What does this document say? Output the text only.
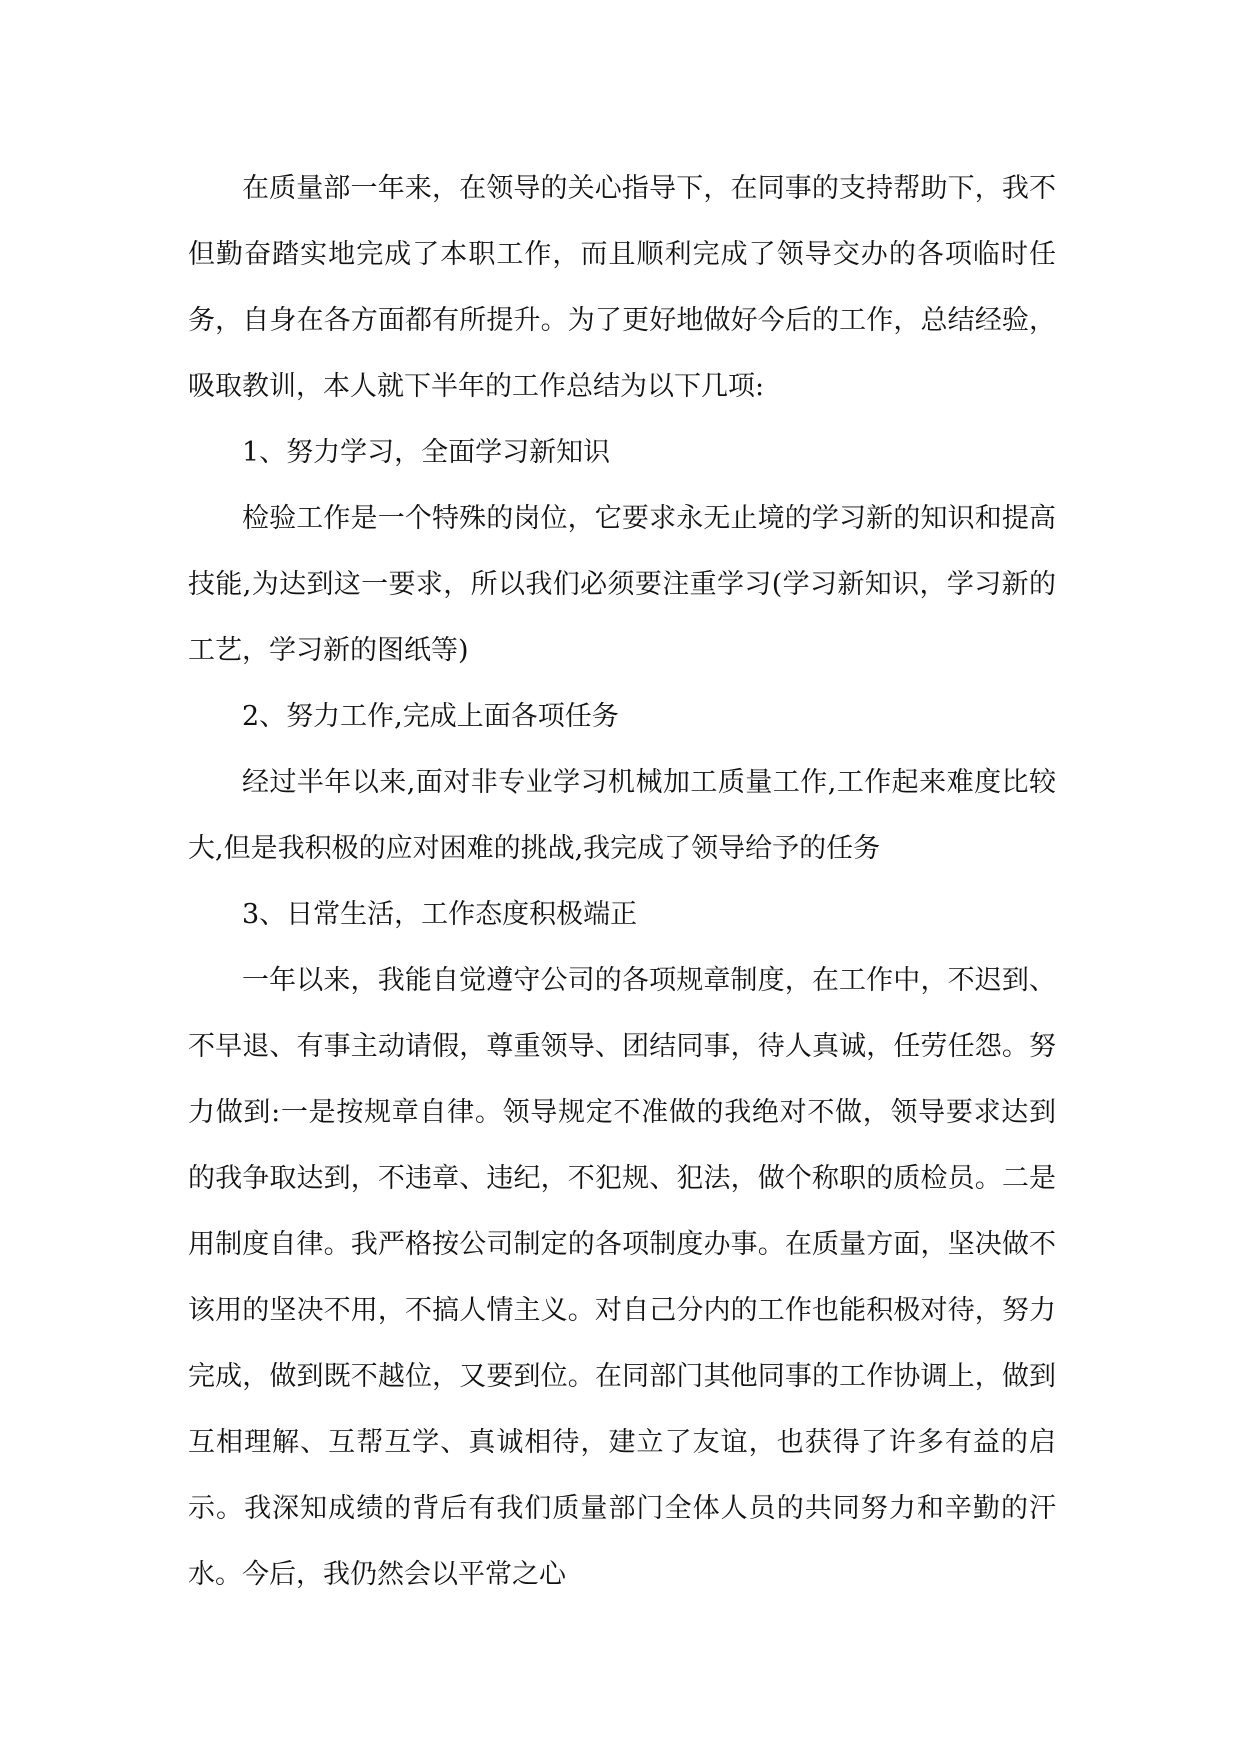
在质量部一年来，在领导的关心指导下，在同事的支持帮助下，我不但勤奋踏实地完成了本职工作，而且顺利完成了领导交办的各项临时任务，自身在各方面都有所提升。为了更好地做好今后的工作，总结经验，吸取教训，本人就下半年的工作总结为以下几项:

1、努力学习，全面学习新知识

检验工作是一个特殊的岗位，它要求永无止境的学习新的知识和提高技能,为达到这一要求，所以我们必须要注重学习(学习新知识，学习新的工艺，学习新的图纸等)

2、努力工作,完成上面各项任务

经过半年以来,面对非专业学习机械加工质量工作,工作起来难度比较大,但是我积极的应对困难的挑战,我完成了领导给予的任务

3、日常生活，工作态度积极端正

一年以来，我能自觉遵守公司的各项规章制度，在工作中，不迟到、不早退、有事主动请假，尊重领导、团结同事，待人真诚，任劳任怨。努力做到:一是按规章自律。领导规定不准做的我绝对不做，领导要求达到的我争取达到，不违章、违纪，不犯规、犯法，做个称职的质检员。二是用制度自律。我严格按公司制定的各项制度办事。在质量方面，坚决做不该用的坚决不用，不搞人情主义。对自己分内的工作也能积极对待，努力完成，做到既不越位，又要到位。在同部门其他同事的工作协调上，做到互相理解、互帮互学、真诚相待，建立了友谊，也获得了许多有益的启示。我深知成绩的背后有我们质量部门全体人员的共同努力和辛勤的汗水。今后，我仍然会以平常之心
